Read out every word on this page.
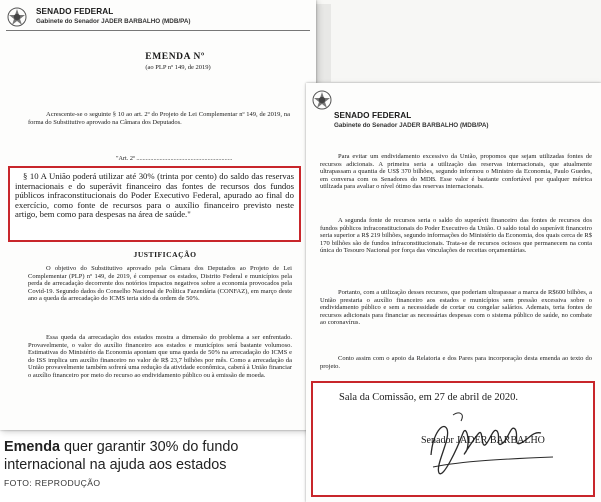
SENADO FEDERAL
Gabinete do Senador JADER BARBALHO (MDB/PA)
EMENDA Nº
(ao PLP nº 149, de 2019)
Acrescente-se o seguinte § 10 ao art. 2º do Projeto de Lei Complementar nº 149, de 2019, na forma do Substitutivo aprovado na Câmara dos Deputados.
"Art. 2º ..............................................................
§ 10 A União poderá utilizar até 30% (trinta por cento) do saldo das reservas internacionais e do superávit financeiro das fontes de recursos dos fundos públicos infraconstitucionais do Poder Executivo Federal, apurado ao final do exercício, como fonte de recursos para o auxílio financeiro previsto neste artigo, bem como para despesas na área de saúde."
JUSTIFICAÇÃO
O objetivo do Substitutivo aprovado pela Câmara dos Deputados ao Projeto de Lei Complementar (PLP) nº 149, de 2019, é compensar os estados, Distrito Federal e municípios pela perda de arrecadação decorrente dos notórios impactos negativos sobre a economia provocados pela Covid-19. Segundo dados do Conselho Nacional de Política Fazendária (CONFAZ), em março deste ano a queda da arrecadação do ICMS teria sido da ordem de 50%.
Essa queda da arrecadação dos estados mostra a dimensão do problema a ser enfrentado. Provavelmente, o valor do auxílio financeiro aos estados e municípios será bastante volumoso. Estimativas do Ministério da Economia apontam que uma queda de 50% na arrecadação do ICMS e do ISS implica um auxílio financeiro no valor de R$ 23,7 bilhões por mês. Como a arrecadação da União provavelmente também sofrerá uma redução da atividade econômica, caberá à União financiar o auxílio financeiro por meio do recurso ao endividamento público ou à emissão de moeda.
SENADO FEDERAL
Gabinete do Senador JADER BARBALHO (MDB/PA)
Para evitar um endividamento excessivo da União, propomos que sejam utilizadas fontes de recursos adicionais. A primeira seria a utilização das reservas internacionais, que atualmente ultrapassam a quantia de US$ 370 bilhões, segundo informou o Ministro da Economia, Paulo Guedes, em conversa com os Senadores do MDB. Esse valor é bastante confortável por qualquer métrica utilizada para avaliar o nível ótimo das reservas internacionais.
A segunda fonte de recursos seria o saldo do superávit financeiro das fontes de recursos dos fundos públicos infraconstitucionais do Poder Executivo da União. O saldo total do superávit financeiro seria superior a R$ 219 bilhões, segundo informações do Ministério da Economia, dos quais cerca de R$ 170 bilhões são de fundos infraconstitucionais. Trata-se de recursos ociosos que permanecem na conta única do Tesouro Nacional por força das vinculações de receitas orçamentárias.
Portanto, com a utilização desses recursos, que poderiam ultrapassar a marca de R$600 bilhões, a União prestaria o auxílio financeiro aos estados e municípios sem pressão excessiva sobre o endividamento público e sem a necessidade de cortar ou congelar salários. Ademais, teria fontes de recursos adicionais para financiar as necessárias despesas com o sistema público de saúde, no combate ao coronavírus.
Conto assim com o apoio da Relatoria e dos Pares para incorporação desta emenda ao texto do projeto.
Sala da Comissão, em 27 de abril de 2020.
Senador JADER BARBALHO
Emenda quer garantir 30% do fundo internacional na ajuda aos estados
FOTO: REPRODUÇÃO
